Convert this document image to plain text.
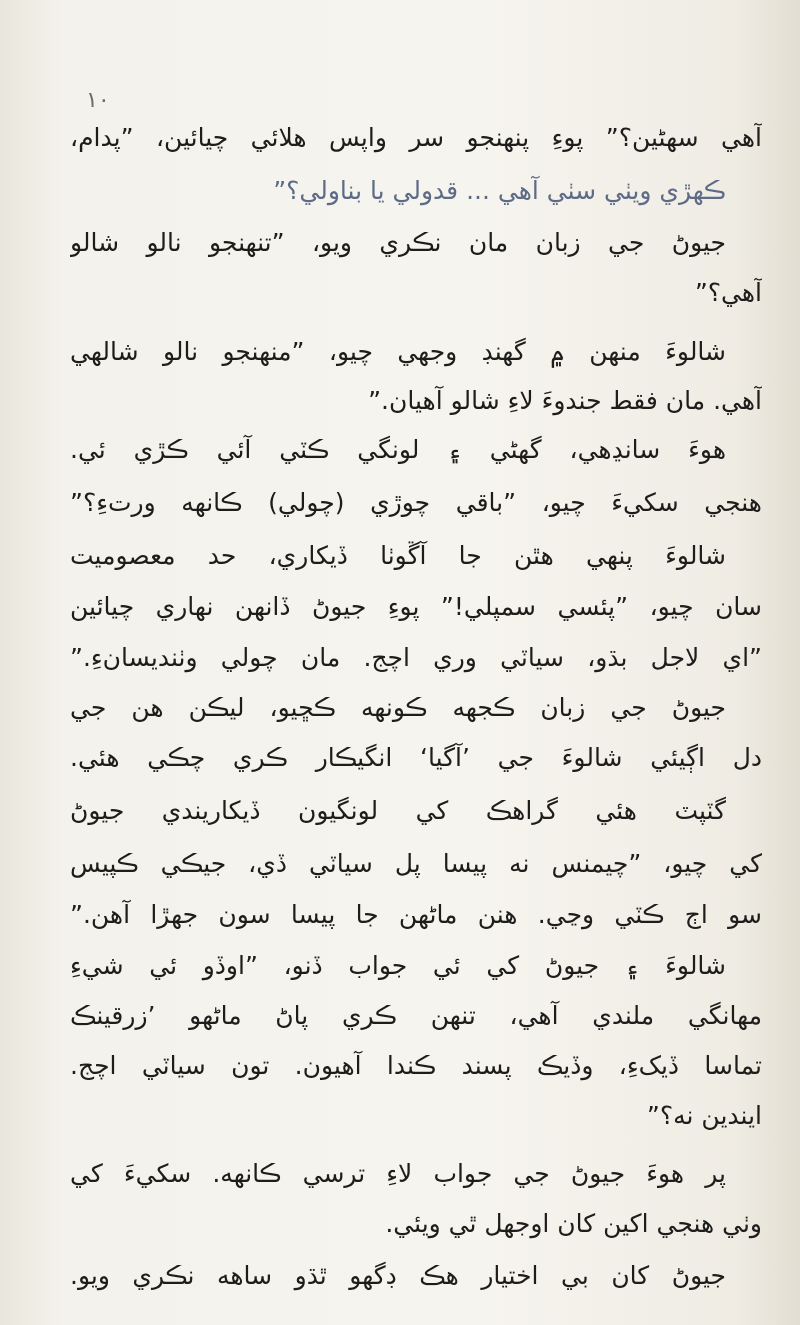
۱٠
آهي سهڻين؟” پوءِ پنهنجو سر واپس هلائي چيائين، ”پدام،
ڪهڙي ويٺي سٺي آهي ... قدولي يا بناولي؟”
جيوڻ جي زبان مان نڪري ويو، ”تنهنجو نالو شالو
آهي؟”
شالوءَ منهن ۾ گهنڊ وجهي چيو، ”منهنجو نالو شالهي
آهي. مان فقط جندوءَ لاءِ شالو آهيان.”
هوءَ سانڍهي، گهڻي ۽ لونگي ڪٽي آئي ڪڙي ئي.
هنجي سکيءَ چيو، ”باقي چوڙي (چولي) ڪانهه ورتءِ؟”
شالوءَ پنهي هٿن جا آڱوٺا ڏيکاري، حد معصوميت
سان چيو، ”پئسي سمپلي!” پوءِ جيوڻ ڏانهن نهاري چيائين
”اي لاجل بڌو، سياٽي وري اچج. مان چولي وٺنديسانءِ.”
جيوڻ جي زبان ڪجهه ڪونهه ڪڇيو، ليڪن هن جي
دل اڳيئي شالوءَ جي ’آگيا‘ انگيڪار ڪري چڪي هئي.
گٽپٽ هئي گراهڪ کي لونگيون ڏيکاريندي جيوڻ
کي چيو، ”چيمنس نه پيسا پل سياٽي ڏي، جيڪي ڪپيس
سو اڄ ڪٽي وڃي. هنن ماڻهن جا پيسا سون جهڙا آهن.”
شالوءَ ۽ جيوڻ کي ئي جواب ڏنو، ”اوڏو ئي شيءِ
مهانگي ملندي آهي، تنهن ڪري پاڻ ماڻهو ’زرقينڪ
تماسا ڏيکءِ، وڏيڪ پسند ڪندا آهيون. تون سياٽي اچج.
ايندين نه؟”
پر هوءَ جيوڻ جي جواب لاءِ ترسي ڪانهه. سکيءَ کي
وٺي هنجي اکين کان اوجهل ٿي ويئي.
جيوڻ کان بي اختيار هڪ ڊگهو ٿڌو ساهه نڪري ويو.
